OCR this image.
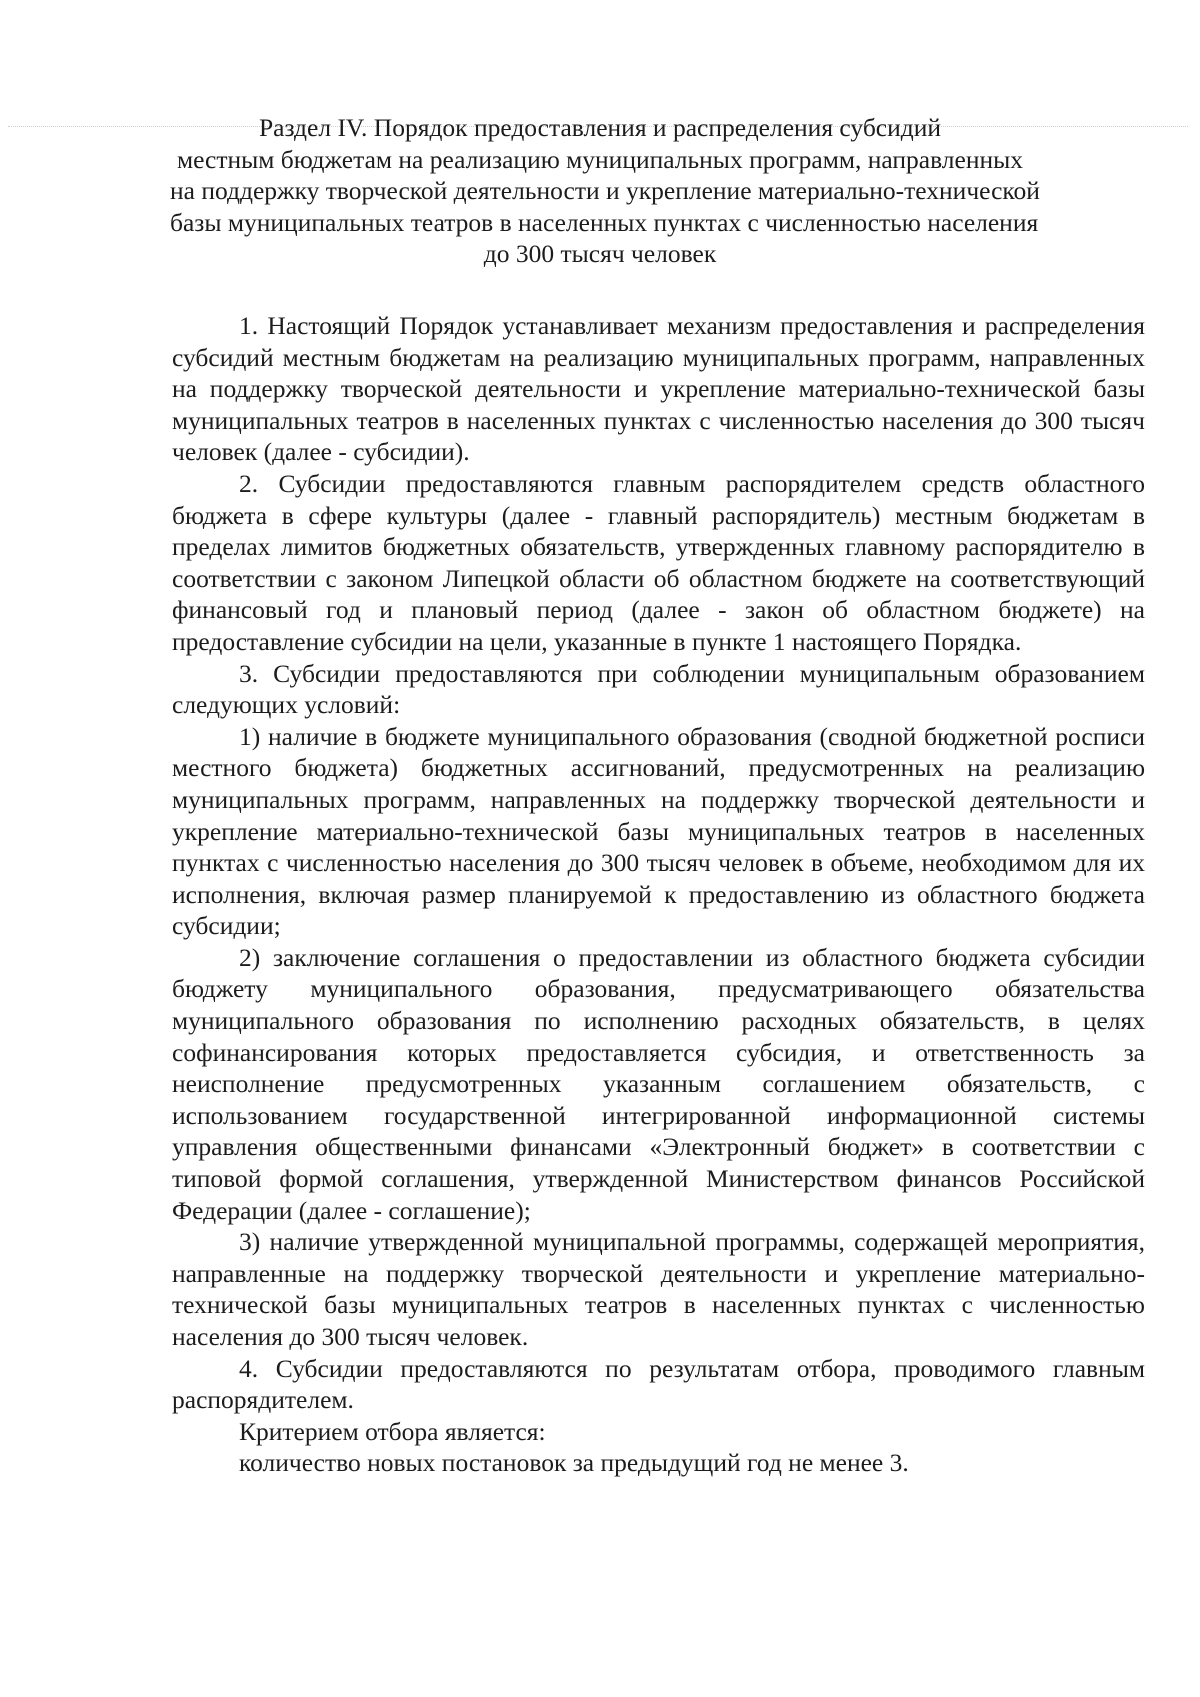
Раздел IV. Порядок предоставления и распределения субсидий
местным бюджетам на реализацию муниципальных программ, направленных
на поддержку творческой деятельности и укрепление материально-технической
базы муниципальных театров в населенных пунктах с численностью населения
до 300 тысяч человек

1. Настоящий Порядок устанавливает механизм предоставления и распределения субсидий местным бюджетам на реализацию муниципальных программ, направленных на поддержку творческой деятельности и укрепление материально-технической базы муниципальных театров в населенных пунктах с численностью населения до 300 тысяч человек (далее - субсидии).

2. Субсидии предоставляются главным распорядителем средств областного бюджета в сфере культуры (далее - главный распорядитель) местным бюджетам в пределах лимитов бюджетных обязательств, утвержденных главному распорядителю в соответствии с законом Липецкой области об областном бюджете на соответствующий финансовый год и плановый период (далее - закон об областном бюджете) на предоставление субсидии на цели, указанные в пункте 1 настоящего Порядка.

3. Субсидии предоставляются при соблюдении муниципальным образованием следующих условий:

1) наличие в бюджете муниципального образования (сводной бюджетной росписи местного бюджета) бюджетных ассигнований, предусмотренных на реализацию муниципальных программ, направленных на поддержку творческой деятельности и укрепление материально-технической базы муниципальных театров в населенных пунктах с численностью населения до 300 тысяч человек в объеме, необходимом для их исполнения, включая размер планируемой к предоставлению из областного бюджета субсидии;

2) заключение соглашения о предоставлении из областного бюджета субсидии бюджету муниципального образования, предусматривающего обязательства муниципального образования по исполнению расходных обязательств, в целях софинансирования которых предоставляется субсидия, и ответственность за неисполнение предусмотренных указанным соглашением обязательств, с использованием государственной интегрированной информационной системы управления общественными финансами «Электронный бюджет» в соответствии с типовой формой соглашения, утвержденной Министерством финансов Российской Федерации (далее - соглашение);

3) наличие утвержденной муниципальной программы, содержащей мероприятия, направленные на поддержку творческой деятельности и укрепление материально-технической базы муниципальных театров в населенных пунктах с численностью населения до 300 тысяч человек.

4. Субсидии предоставляются по результатам отбора, проводимого главным распорядителем.

Критерием отбора является:

количество новых постановок за предыдущий год не менее 3.
